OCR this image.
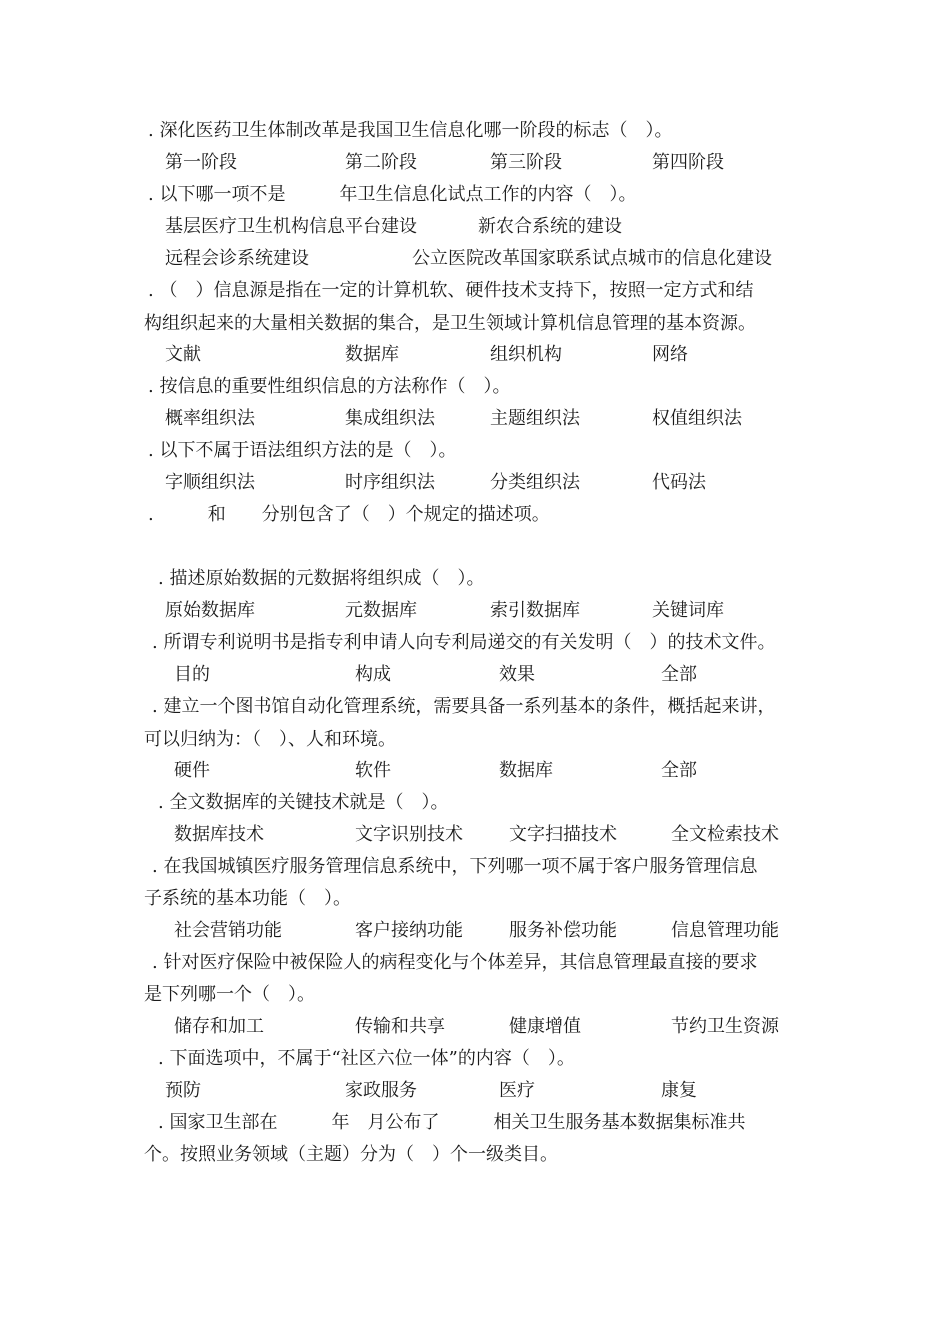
. 深化医药卫生体制改革是我国卫生信息化哪一阶段的标志（　）。
第一阶段	第二阶段	第三阶段	第四阶段
. 以下哪一项不是　　　年卫生信息化试点工作的内容（　）。
基层医疗卫生机构信息平台建设	新农合系统的建设
远程会诊系统建设	公立医院改革国家联系试点城市的信息化建设
. （　）信息源是指在一定的计算机软、硬件技术支持下，按照一定方式和结
构组织起来的大量相关数据的集合，是卫生领域计算机信息管理的基本资源。
文献	数据库	组织机构	网络
. 按信息的重要性组织信息的方法称作（　）。
概率组织法	集成组织法	主题组织法	权值组织法
. 以下不属于语法组织方法的是（　）。
字顺组织法	时序组织法	分类组织法	代码法
.　　　和　　分别包含了（　）个规定的描述项。
. 描述原始数据的元数据将组织成（　）。
原始数据库	元数据库	索引数据库	关键词库
. 所谓专利说明书是指专利申请人向专利局递交的有关发明（　）的技术文件。
目的	构成	效果	全部
. 建立一个图书馆自动化管理系统，需要具备一系列基本的条件，概括起来讲，
可以归纳为：（　）、人和环境。
硬件	软件	数据库	全部
. 全文数据库的关键技术就是（　）。
数据库技术	文字识别技术	文字扫描技术	全文检索技术
. 在我国城镇医疗服务管理信息系统中，下列哪一项不属于客户服务管理信息
子系统的基本功能（　）。
社会营销功能	客户接纳功能	服务补偿功能	信息管理功能
. 针对医疗保险中被保险人的病程变化与个体差异，其信息管理最直接的要求
是下列哪一个（　）。
储存和加工	传输和共享	健康增值	节约卫生资源
. 下面选项中，不属于“社区六位一体”的内容（　）。
预防	家政服务	医疗	康复
. 国家卫生部在　　　年　月公布了　　　相关卫生服务基本数据集标准共
个。按照业务领域（主题）分为（　）个一级类目。
